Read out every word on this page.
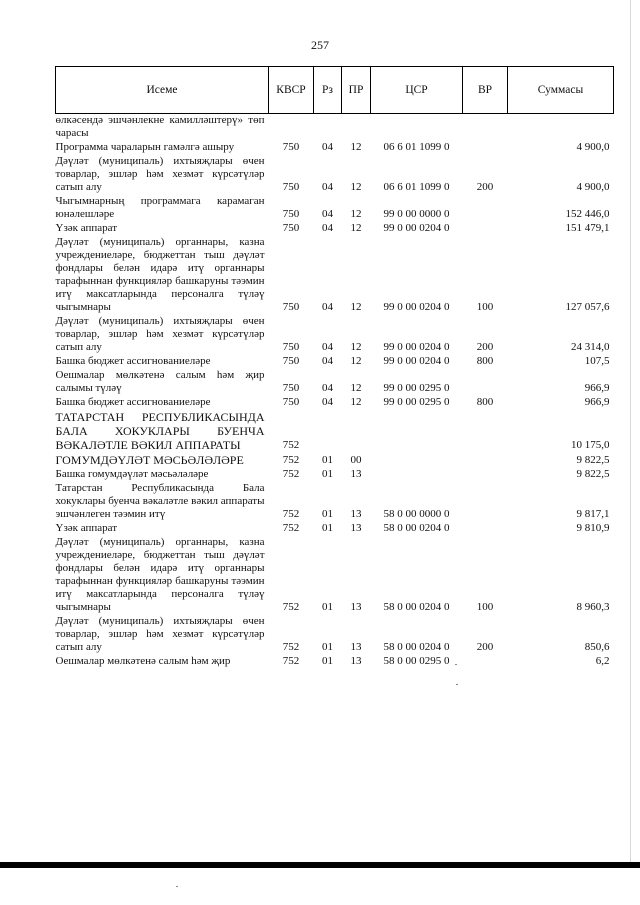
257
Исеме	КВСР	Рз	ПР	ЦСР	ВР	Суммасы
өлкәсендә эшчәнлекне камилләштерү» төп чарасы						
Программа чараларын гамәлгә ашыру	750	04	12	06 6 01 1099 0		4 900,0
Дәүләт (муниципаль) ихтыяҗлары өчен товарлар, эшләр һәм хезмәт күрсәтүләр сатып алу	750	04	12	06 6 01 1099 0	200	4 900,0
Чыгымнарның программага карамаган юнәлешләре	750	04	12	99 0 00 0000 0		152 446,0
Үзәк аппарат	750	04	12	99 0 00 0204 0		151 479,1
Дәүләт (муниципаль) органнары, казна учреждениеләре, бюджеттан тыш дәүләт фондлары белән идарә итү органнары тарафыннан функцияләр башкаруны тәэмин итү максатларында персоналга түләү чыгымнары	750	04	12	99 0 00 0204 0	100	127 057,6
Дәүләт (муниципаль) ихтыяҗлары өчен товарлар, эшләр һәм хезмәт күрсәтүләр сатып алу	750	04	12	99 0 00 0204 0	200	24 314,0
Башка бюджет ассигнованиеләре	750	04	12	99 0 00 0204 0	800	107,5
Оешмалар мөлкәтенә салым һәм җир салымы түләү	750	04	12	99 0 00 0295 0		966,9
Башка бюджет ассигнованиеләре	750	04	12	99 0 00 0295 0	800	966,9
ТАТАРСТАН РЕСПУБЛИКАСЫНДА БАЛА ХОКУКЛАРЫ БУЕНЧА ВӘКАЛӘТЛЕ ВӘКИЛ АППАРАТЫ	752					10 175,0
ГОМУМДӘҮЛӘТ МӘСЬӘЛӘЛӘРЕ	752	01	00			9 822,5
Башка гомумдәүләт мәсьәләләре	752	01	13			9 822,5
Татарстан Республикасында Бала хокуклары буенча вәкаләтле вәкил аппараты эшчәнлеген тәэмин итү	752	01	13	58 0 00 0000 0		9 817,1
Үзәк аппарат	752	01	13	58 0 00 0204 0		9 810,9
Дәүләт (муниципаль) органнары, казна учреждениеләре, бюджеттан тыш дәүләт фондлары белән идарә итү органнары тарафыннан функцияләр башкаруны тәэмин итү максатларында персоналга түләү чыгымнары	752	01	13	58 0 00 0204 0	100	8 960,3
Дәүләт (муниципаль) ихтыяҗлары өчен товарлар, эшләр һәм хезмәт күрсәтүләр сатып алу	752	01	13	58 0 00 0204 0	200	850,6
Оешмалар мөлкәтенә салым һәм җир	752	01	13	58 0 00 0295 0		6,2
